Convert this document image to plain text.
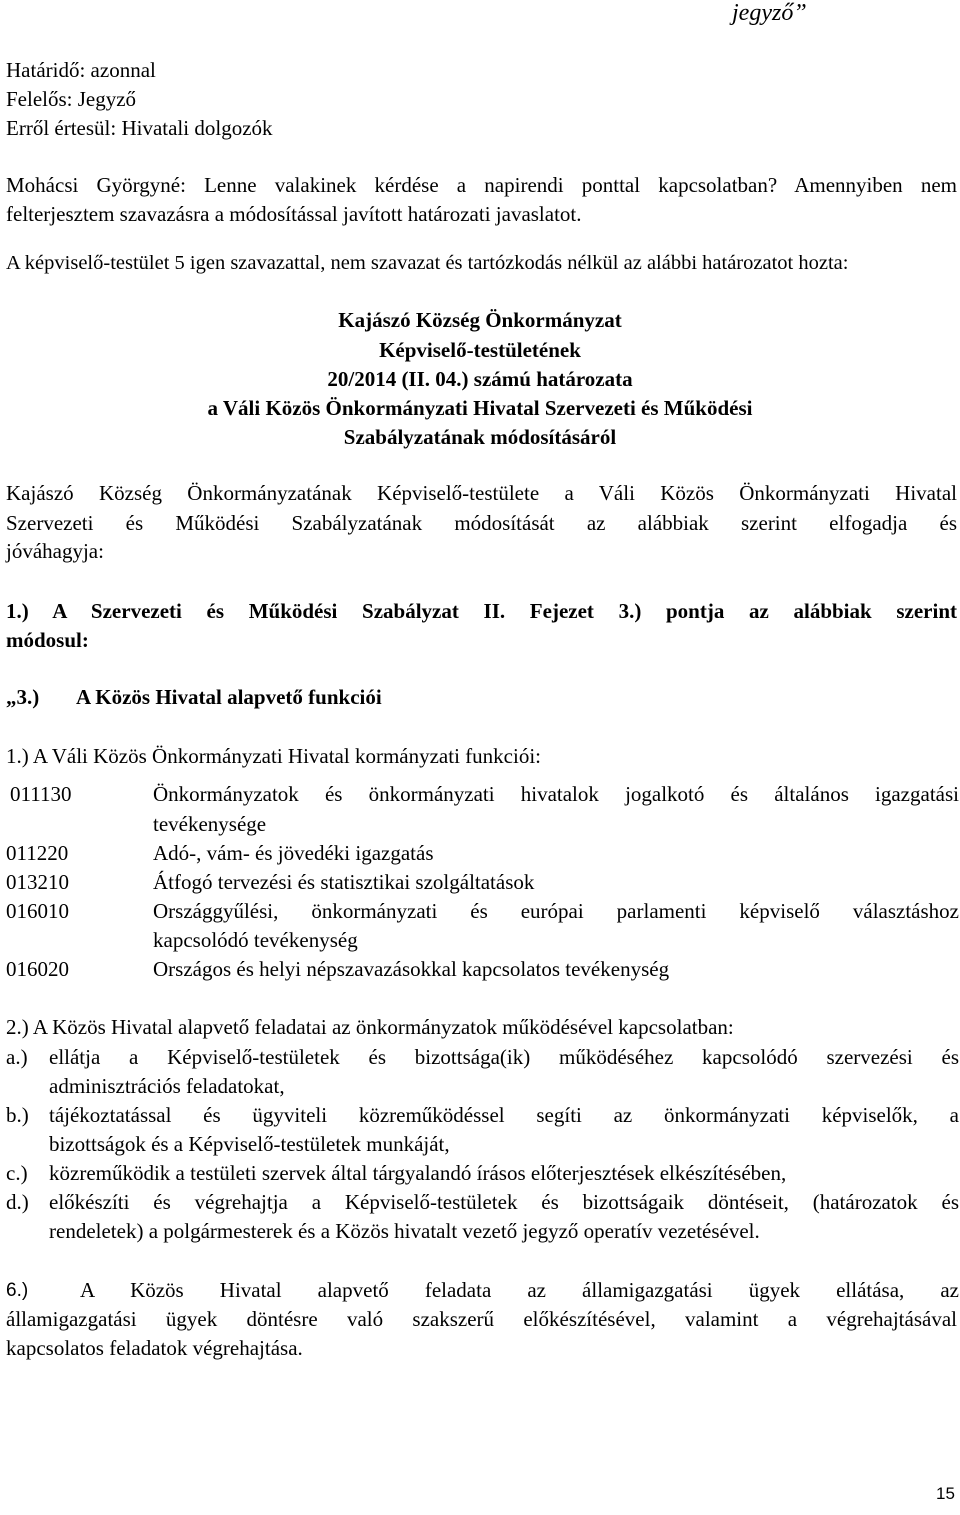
jegyző”
Határidő: azonnal
Felelős: Jegyző
Erről értesül: Hivatali dolgozók
Mohácsi Györgyné: Lenne valakinek kérdése a napirendi ponttal kapcsolatban? Amennyiben nem
felterjesztem szavazásra a módosítással javított határozati javaslatot.
A képviselő-testület 5 igen szavazattal, nem szavazat és tartózkodás nélkül az alábbi határozatot hozta:
Kajászó Község Önkormányzat
Képviselő-testületének
20/2014 (II. 04.) számú határozata
a Váli Közös Önkormányzati Hivatal Szervezeti és Működési
Szabályzatának módosításáról
Kajászó Község Önkormányzatának Képviselő-testülete a Váli Közös Önkormányzati Hivatal
Szervezeti és Működési Szabályzatának módosítását az alábbiak szerint elfogadja és
jóváhagyja:
1.) A Szervezeti és Működési Szabályzat II. Fejezet 3.) pontja az alábbiak szerint
módosul:
„3.) A Közös Hivatal alapvető funkciói
1.) A Váli Közös Önkormányzati Hivatal kormányzati funkciói:
011130	Önkormányzatok és önkormányzati hivatalok jogalkotó és általános igazgatási
tevékenysége
011220	Adó-, vám- és jövedéki igazgatás
013210	Átfogó tervezési és statisztikai szolgáltatások
016010	Országgyűlési, önkormányzati és európai parlamenti képviselő választáshoz
kapcsolódó tevékenység
016020	Országos és helyi népszavazásokkal kapcsolatos tevékenység
2.) A Közös Hivatal alapvető feladatai az önkormányzatok működésével kapcsolatban:
a.) ellátja a Képviselő-testületek és bizottsága(ik) működéséhez kapcsolódó szervezési és
adminisztrációs feladatokat,
b.) tájékoztatással és ügyviteli közreműködéssel segíti az önkormányzati képviselők, a
bizottságok és a Képviselő-testületek munkáját,
c.) közreműködik a testületi szervek által tárgyalandó írásos előterjesztések elkészítésében,
d.) előkészíti és végrehajtja a Képviselő-testületek és bizottságaik döntéseit, (határozatok és
rendeletek) a polgármesterek és a Közös hivatalt vezető jegyző operatív vezetésével.
6.) A Közös Hivatal alapvető feladata az államigazgatási ügyek ellátása, az
államigazgatási ügyek döntésre való szakszerű előkészítésével, valamint a végrehajtásával
kapcsolatos feladatok végrehajtása.
15
